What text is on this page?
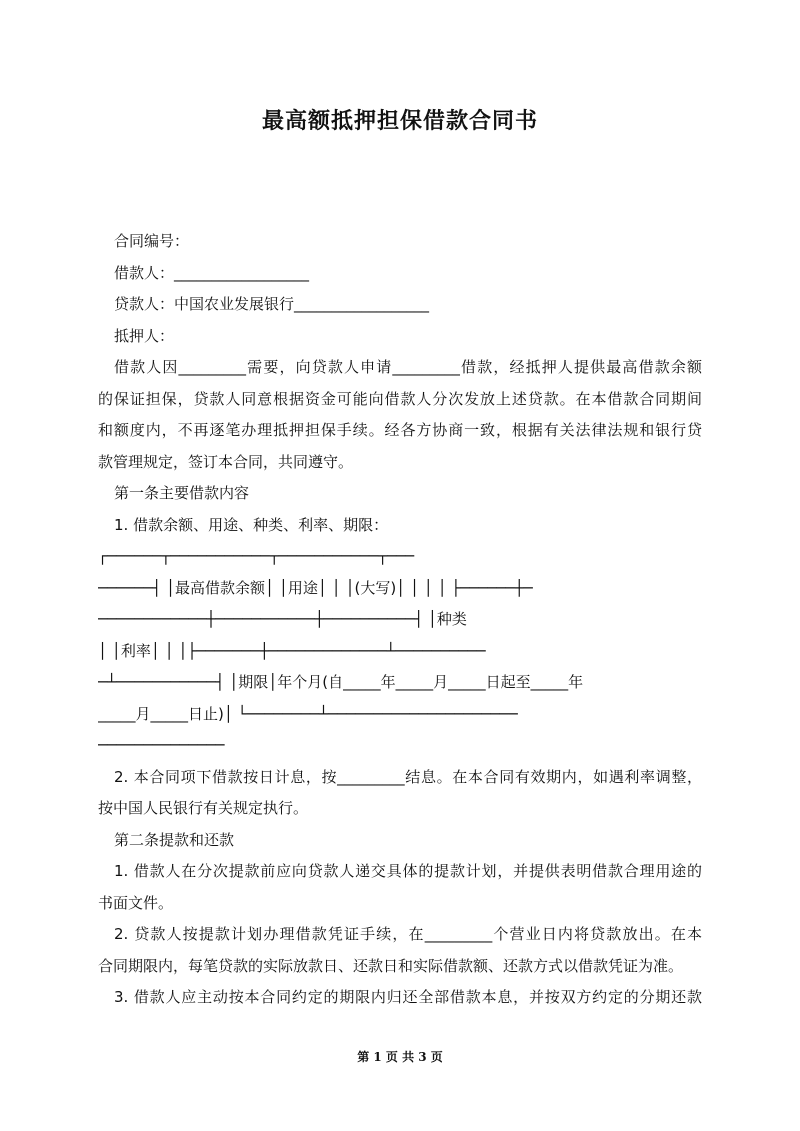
最高额抵押担保借款合同书

合同编号：

借款人：__________________

贷款人：中国农业发展银行__________________

抵押人：

借款人因_________需要，向贷款人申请_________借款，经抵押人提供最高借款余额

的保证担保，贷款人同意根据资金可能向借款人分次发放上述贷款。在本借款合同期间

和额度内，不再逐笔办理抵押担保手续。经各方协商一致，根据有关法律法规和银行贷

款管理规定，签订本合同，共同遵守。

第一条主要借款内容

1. 借款余额、用途、种类、利率、期限：

┌──────┬───────────┬───────────┬───

──────┤ │最高借款余额│ │用途│ │ │(大写)│ │ │ │ ├──────┼─

────────────┼───────────┼──────────┤ │种类

│ │利率│ │ │├───────┼─────────────┴──────────

─┴───────────┤ │期限│年个月(自_____年_____月_____日起至_____年

_____月_____日止)│ └────────┴─────────────────────

──────────────

2. 本合同项下借款按日计息，按_________结息。在本合同有效期内，如遇利率调整，

按中国人民银行有关规定执行。

第二条提款和还款

1. 借款人在分次提款前应向贷款人递交具体的提款计划，并提供表明借款合理用途的

书面文件。

2. 贷款人按提款计划办理借款凭证手续，在_________个营业日内将贷款放出。在本

合同期限内，每笔贷款的实际放款日、还款日和实际借款额、还款方式以借款凭证为准。

3. 借款人应主动按本合同约定的期限内归还全部借款本息，并按双方约定的分期还款

第 1 页 共 3 页
